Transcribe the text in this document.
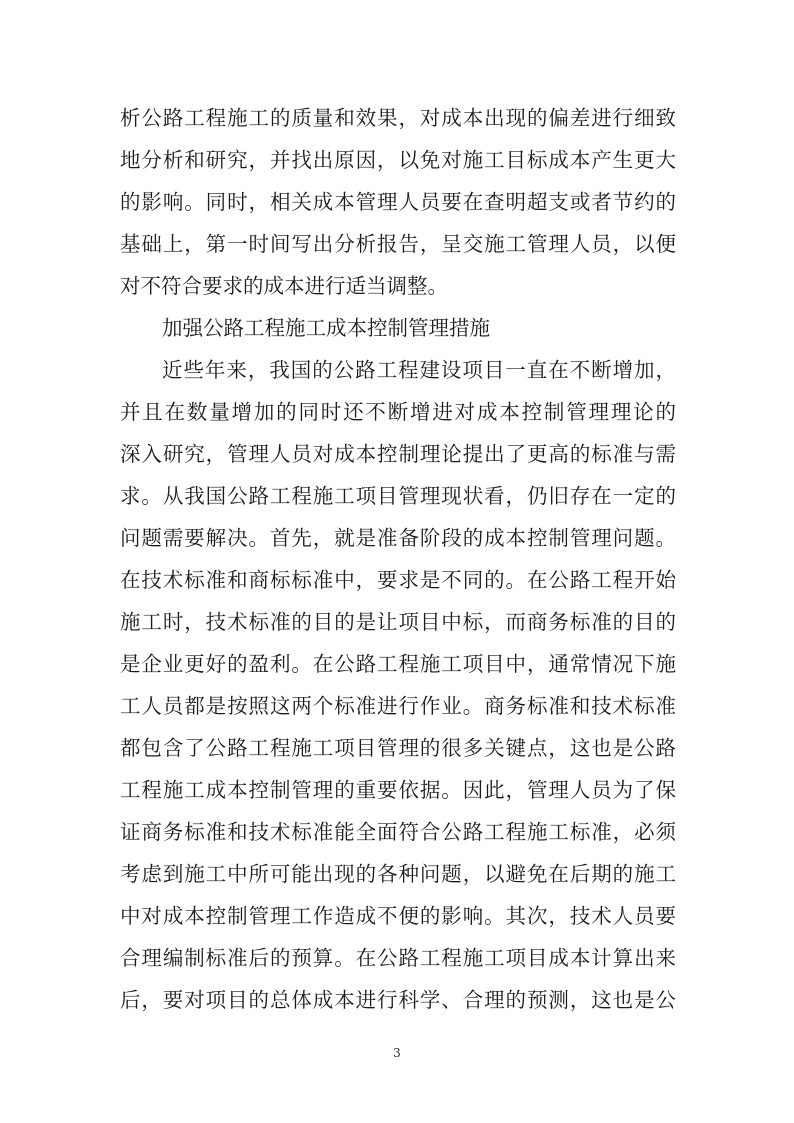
析公路工程施工的质量和效果，对成本出现的偏差进行细致
地分析和研究，并找出原因，以免对施工目标成本产生更大
的影响。同时，相关成本管理人员要在查明超支或者节约的
基础上，第一时间写出分析报告，呈交施工管理人员，以便
对不符合要求的成本进行适当调整。
加强公路工程施工成本控制管理措施
近些年来，我国的公路工程建设项目一直在不断增加，
并且在数量增加的同时还不断增进对成本控制管理理论的
深入研究，管理人员对成本控制理论提出了更高的标准与需
求。从我国公路工程施工项目管理现状看，仍旧存在一定的
问题需要解决。首先，就是准备阶段的成本控制管理问题。
在技术标准和商标标准中，要求是不同的。在公路工程开始
施工时，技术标准的目的是让项目中标，而商务标准的目的
是企业更好的盈利。在公路工程施工项目中，通常情况下施
工人员都是按照这两个标准进行作业。商务标准和技术标准
都包含了公路工程施工项目管理的很多关键点，这也是公路
工程施工成本控制管理的重要依据。因此，管理人员为了保
证商务标准和技术标准能全面符合公路工程施工标准，必须
考虑到施工中所可能出现的各种问题，以避免在后期的施工
中对成本控制管理工作造成不便的影响。其次，技术人员要
合理编制标准后的预算。在公路工程施工项目成本计算出来
后，要对项目的总体成本进行科学、合理的预测，这也是公
3
